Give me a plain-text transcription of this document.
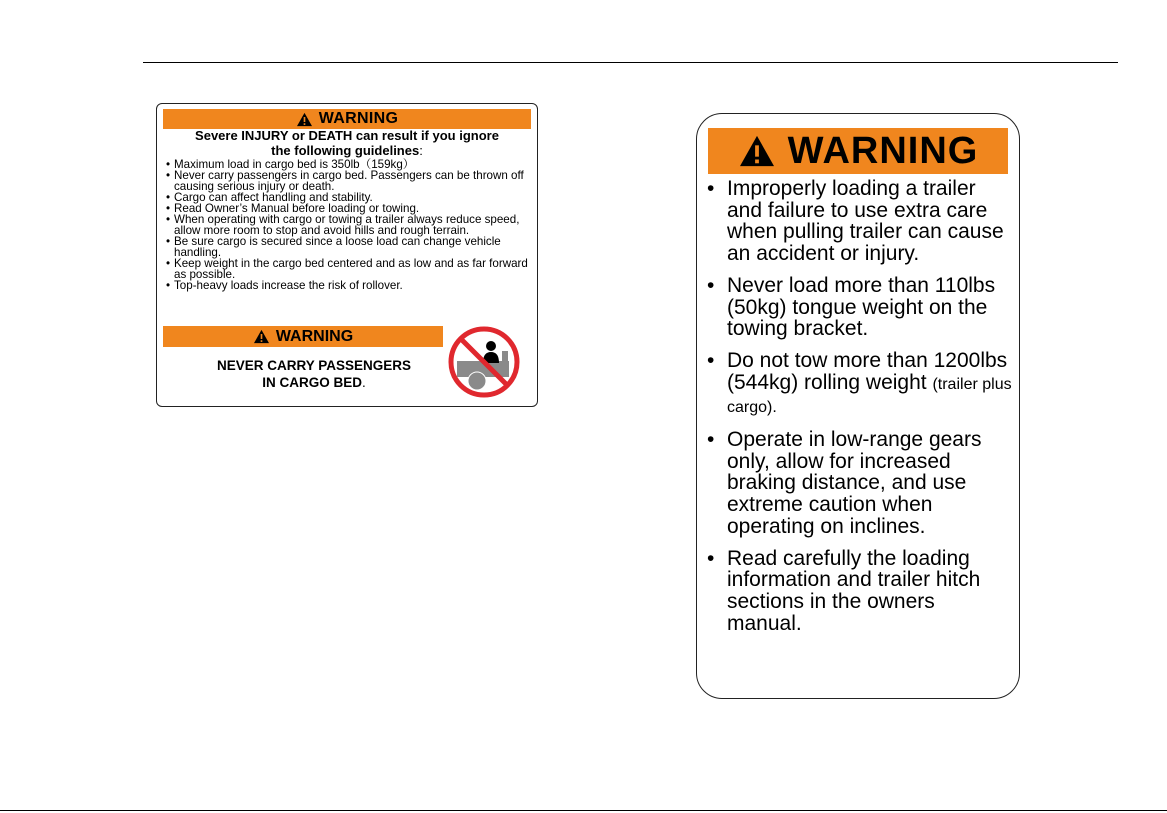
WARNING
Severe INJURY or DEATH can result if you ignore
the following guidelines:
• Maximum load in cargo bed is 350lb（159kg）
• Never carry passengers in cargo bed. Passengers can be thrown off causing serious injury or death.
• Cargo can affect handling and stability.
• Read Owner’s Manual before loading or towing.
• When operating with cargo or towing a trailer always reduce speed, allow more room to stop and avoid hills and rough terrain.
• Be sure cargo is secured since a loose load can change vehicle handling.
• Keep weight in the cargo bed centered and as low and as far forward as possible.
• Top-heavy loads increase the risk of rollover.
WARNING
NEVER CARRY PASSENGERS
IN CARGO BED.
WARNING
• Improperly loading a trailer and failure to use extra care when pulling trailer can cause an accident or injury.
• Never load more than 110lbs (50kg) tongue weight on the towing bracket.
• Do not tow more than 1200lbs (544kg) rolling weight (trailer plus cargo).
• Operate in low-range gears only, allow for increased braking distance, and use extreme caution when operating on inclines.
• Read carefully the loading information and trailer hitch sections in the owners manual.
